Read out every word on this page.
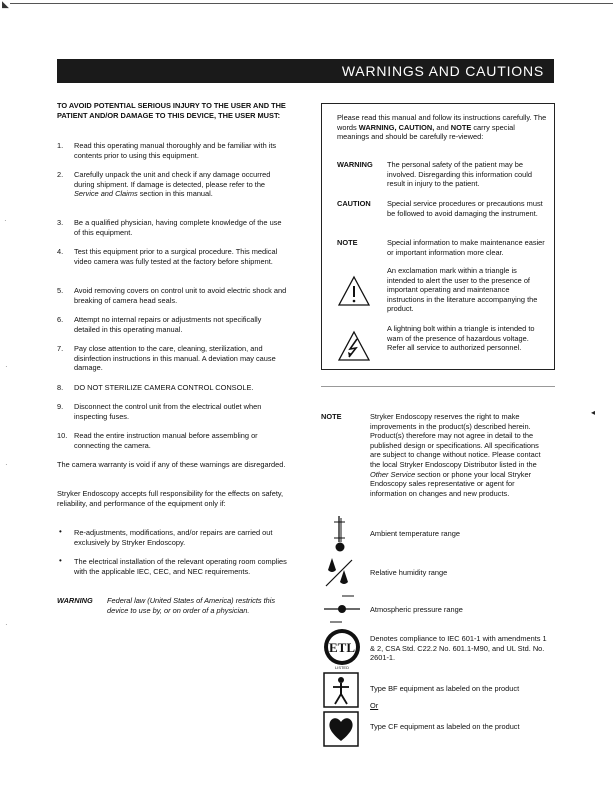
◣
WARNINGS AND CAUTIONS
TO AVOID POTENTIAL SERIOUS INJURY TO THE USER AND THE PATIENT AND/OR DAMAGE TO THIS DEVICE, THE USER MUST:
1.	Read this operating manual thoroughly and be familiar with its contents prior to using this equipment.
2.	Carefully unpack the unit and check if any damage occurred during shipment. If damage is detected, please refer to the Service and Claims section in this manual.
3.	Be a qualified physician, having complete knowledge of the use of this equipment.
4.	Test this equipment prior to a surgical procedure. This medical video camera was fully tested at the factory before shipment.
5.	Avoid removing covers on control unit to avoid electric shock and breaking of camera head seals.
6.	Attempt no internal repairs or adjustments not specifically detailed in this operating manual.
7.	Pay close attention to the care, cleaning, sterilization, and disinfection instructions in this manual. A deviation may cause damage.
8.	DO NOT STERILIZE CAMERA CONTROL CONSOLE.
9.	Disconnect the control unit from the electrical outlet when inspecting fuses.
10. Read the entire instruction manual before assembling or connecting the camera.
The camera warranty is void if any of these warnings are disregarded.
Stryker Endoscopy accepts full responsibility for the effects on safety, reliability, and performance of the equipment only if:
• Re-adjustments, modifications, and/or repairs are carried out exclusively by Stryker Endoscopy.
• The electrical installation of the relevant operating room complies with the applicable IEC, CEC, and NEC requirements.
WARNING Federal law (United States of America) restricts this device to use by, or on order of a physician.
Please read this manual and follow its instructions carefully. The words WARNING, CAUTION, and NOTE carry special meanings and should be carefully re-viewed:
WARNING The personal safety of the patient may be involved. Disregarding this information could result in injury to the patient.
CAUTION Special service procedures or precautions must be followed to avoid damaging the instrument.
NOTE	Special information to make maintenance easier or important information more clear.
An exclamation mark within a triangle is intended to alert the user to the presence of important operating and maintenance instructions in the literature accompanying the product.
A lightning bolt within a triangle is intended to warn of the presence of hazardous voltage. Refer all service to authorized personnel.
NOTE	Stryker Endoscopy reserves the right to make improvements in the product(s) described herein. Product(s) therefore may not agree in detail to the published design or specifications. All specifications are subject to change without notice. Please contact the local Stryker Endoscopy Distributor listed in the Other Service section or phone your local Stryker Endoscopy sales representative or agent for information on changes and new products.
◂
Ambient temperature range
Relative humidity range
Atmospheric pressure range
ETL
LISTED
Denotes compliance to IEC 601-1 with amendments 1 & 2, CSA Std. C22.2 No. 601.1-M90, and UL Std. No. 2601-1.
Type BF equipment as labeled on the product
Or
Type CF equipment as labeled on the product
·
·
·
·
